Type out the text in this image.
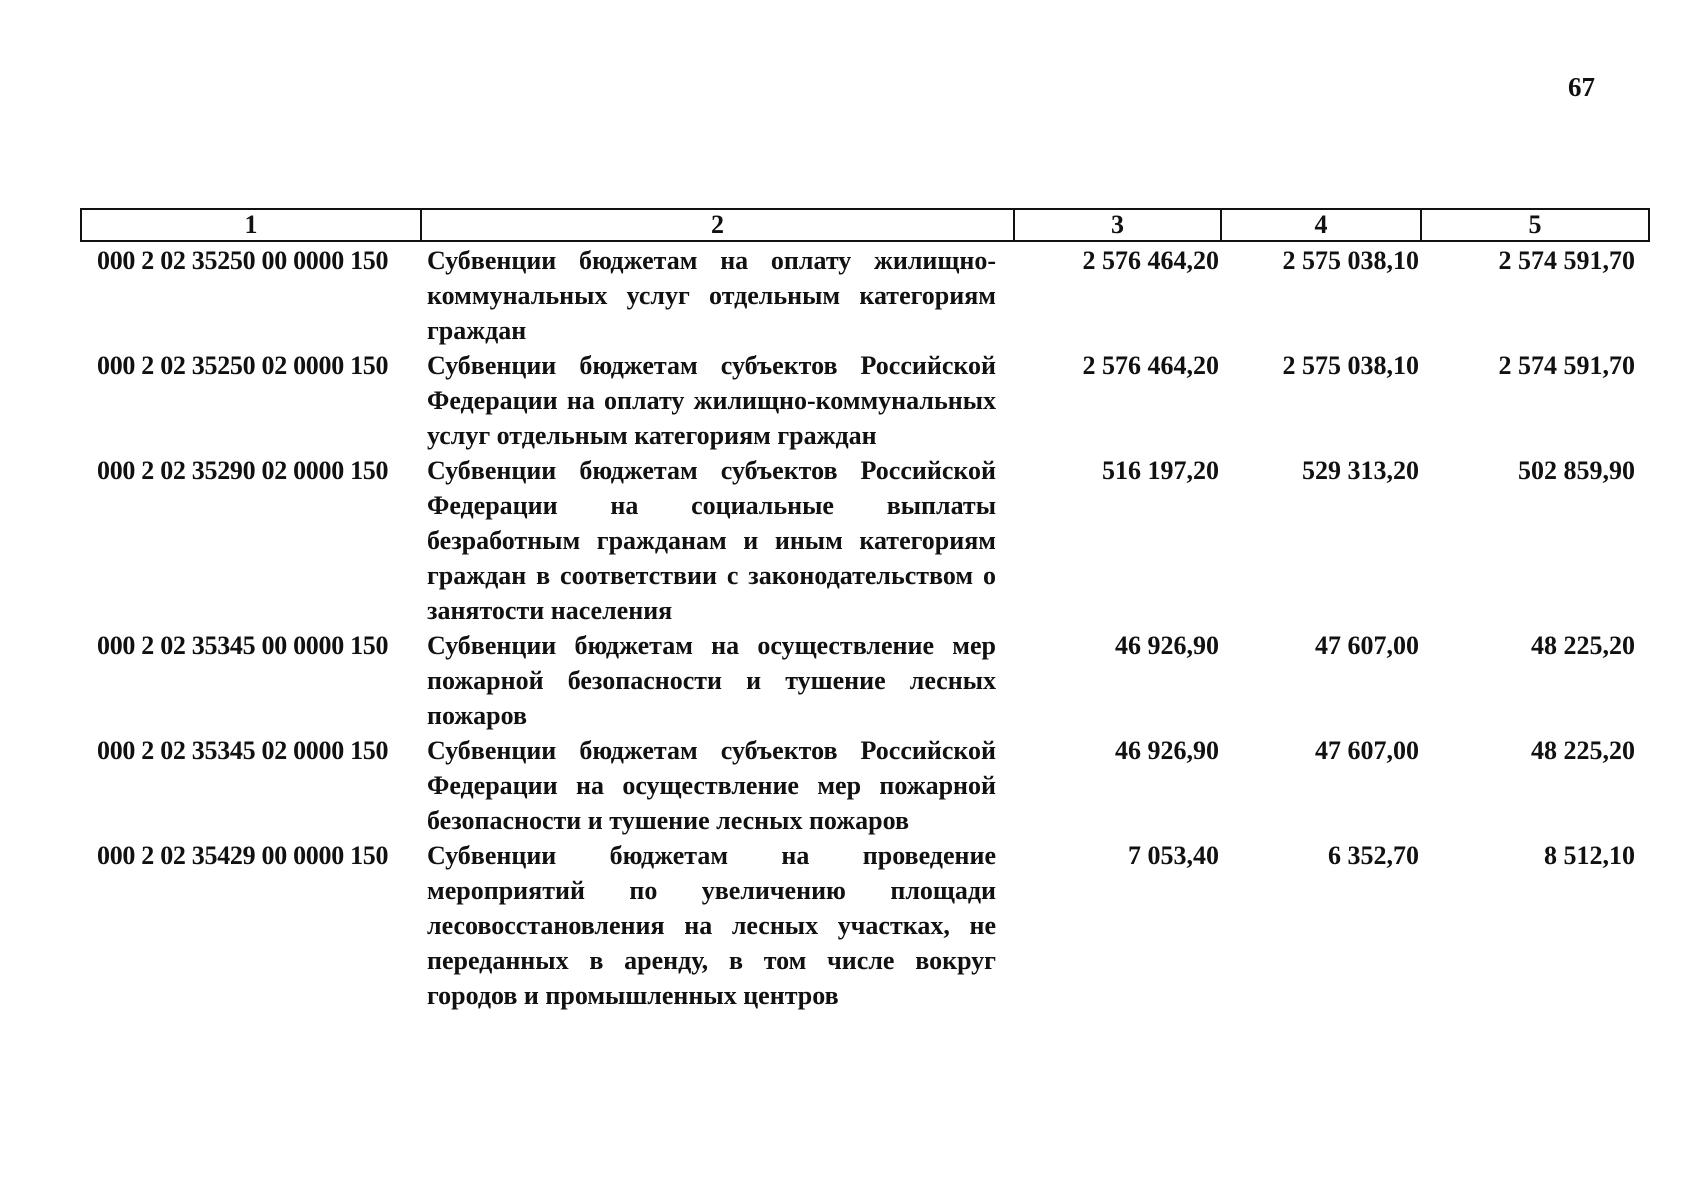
67
1	2	3	4	5
000 2 02 35250 00 0000 150	Субвенции бюджетам на оплату жилищно-коммунальных услуг отдельным категориям граждан	2 576 464,20	2 575 038,10	2 574 591,70
000 2 02 35250 02 0000 150	Субвенции бюджетам субъектов Российской Федерации на оплату жилищно-коммунальных услуг отдельным категориям граждан	2 576 464,20	2 575 038,10	2 574 591,70
000 2 02 35290 02 0000 150	Субвенции бюджетам субъектов Российской Федерации на социальные выплаты безработным гражданам и иным категориям граждан в соответствии с законодательством о занятости населения	516 197,20	529 313,20	502 859,90
000 2 02 35345 00 0000 150	Субвенции бюджетам на осуществление мер пожарной безопасности и тушение лесных пожаров	46 926,90	47 607,00	48 225,20
000 2 02 35345 02 0000 150	Субвенции бюджетам субъектов Российской Федерации на осуществление мер пожарной безопасности и тушение лесных пожаров	46 926,90	47 607,00	48 225,20
000 2 02 35429 00 0000 150	Субвенции бюджетам на проведение мероприятий по увеличению площади лесовосстановления на лесных участках, не переданных в аренду, в том числе вокруг городов и промышленных центров	7 053,40	6 352,70	8 512,10
